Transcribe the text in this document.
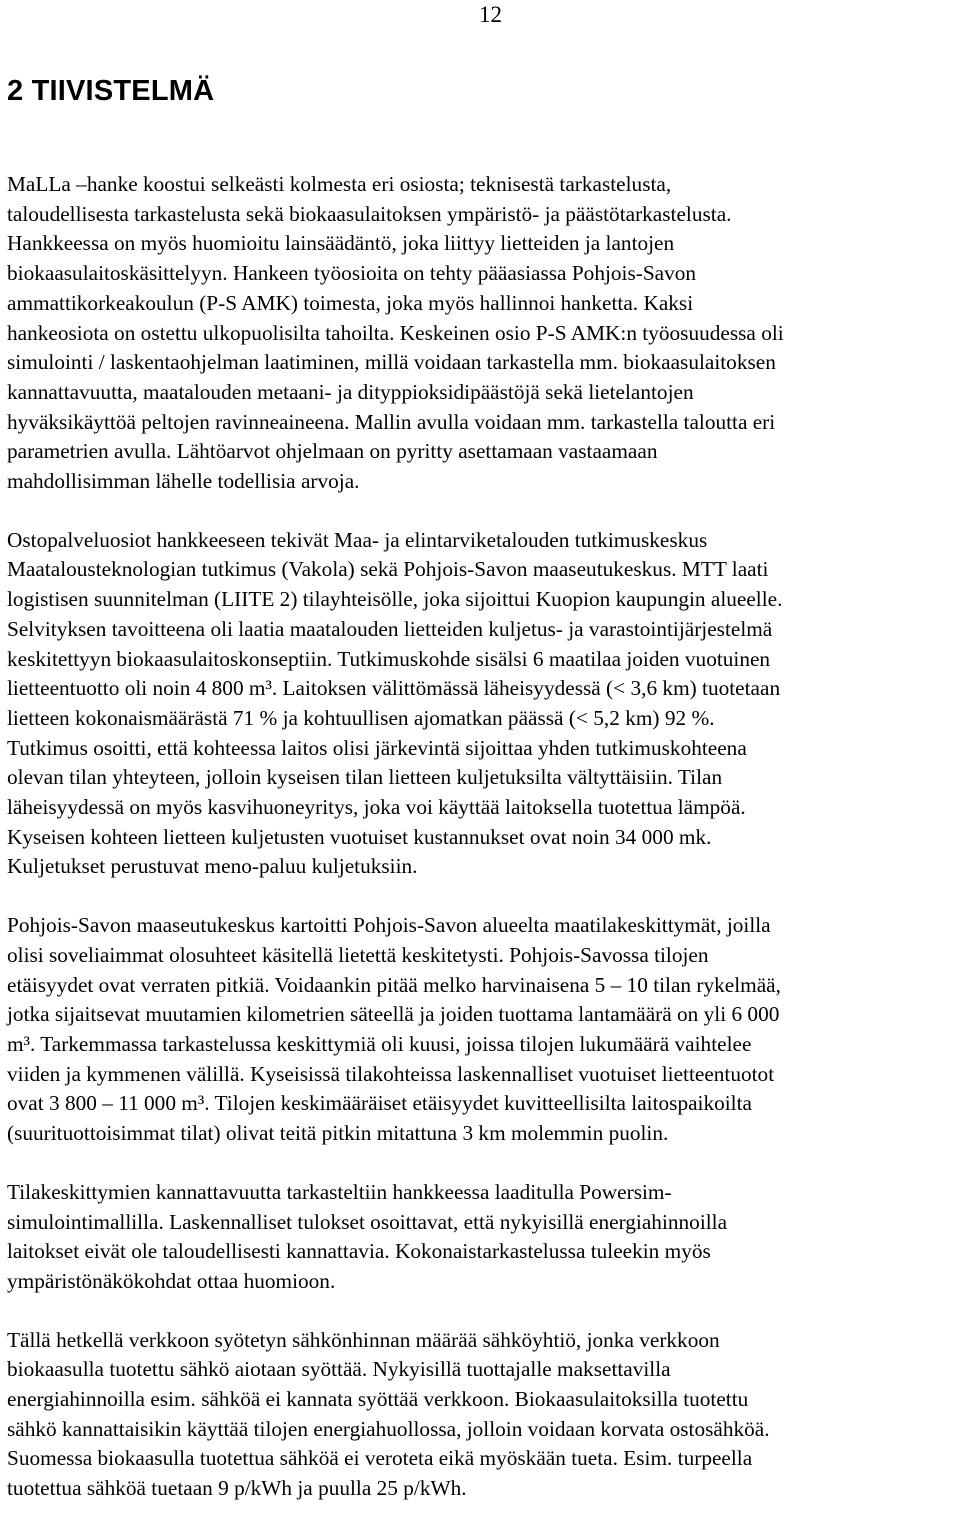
12
2 TIIVISTELMÄ

MaLLa –hanke koostui selkeästi kolmesta eri osiosta; teknisestä tarkastelusta,
taloudellisesta tarkastelusta sekä biokaasulaitoksen ympäristö- ja päästötarkastelusta.
Hankkeessa on myös huomioitu lainsäädäntö, joka liittyy lietteiden ja lantojen
biokaasulaitoskäsittelyyn. Hankeen työosioita on tehty pääasiassa Pohjois-Savon
ammattikorkeakoulun (P-S AMK) toimesta, joka myös hallinnoi hanketta. Kaksi
hankeosiota on ostettu ulkopuolisilta tahoilta. Keskeinen osio P-S AMK:n työosuudessa oli
simulointi / laskentaohjelman laatiminen, millä voidaan tarkastella mm. biokaasulaitoksen
kannattavuutta, maatalouden metaani- ja dityppioksidipäästöjä sekä lietelantojen
hyväksikäyttöä peltojen ravinneaineena. Mallin avulla voidaan mm. tarkastella taloutta eri
parametrien avulla. Lähtöarvot ohjelmaan on pyritty asettamaan vastaamaan
mahdollisimman lähelle todellisia arvoja.

Ostopalveluosiot hankkeeseen tekivät Maa- ja elintarviketalouden tutkimuskeskus
Maatalousteknologian tutkimus (Vakola) sekä Pohjois-Savon maaseutukeskus. MTT laati
logistisen suunnitelman (LIITE 2) tilayhteisölle, joka sijoittui Kuopion kaupungin alueelle.
Selvityksen tavoitteena oli laatia maatalouden lietteiden kuljetus- ja varastointijärjestelmä
keskitettyyn biokaasulaitoskonseptiin. Tutkimuskohde sisälsi 6 maatilaa joiden vuotuinen
lietteentuotto oli noin 4 800 m³. Laitoksen välittömässä läheisyydessä (< 3,6 km) tuotetaan
lietteen kokonaismäärästä 71 % ja kohtuullisen ajomatkan päässä (< 5,2 km) 92 %.
Tutkimus osoitti, että kohteessa laitos olisi järkevintä sijoittaa yhden tutkimuskohteena
olevan tilan yhteyteen, jolloin kyseisen tilan lietteen kuljetuksilta vältyttäisiin. Tilan
läheisyydessä on myös kasvihuoneyritys, joka voi käyttää laitoksella tuotettua lämpöä.
Kyseisen kohteen lietteen kuljetusten vuotuiset kustannukset ovat noin 34 000 mk.
Kuljetukset perustuvat meno-paluu kuljetuksiin.

Pohjois-Savon maaseutukeskus kartoitti Pohjois-Savon alueelta maatilakeskittymät, joilla
olisi soveliaimmat olosuhteet käsitellä lietettä keskitetysti. Pohjois-Savossa tilojen
etäisyydet ovat verraten pitkiä. Voidaankin pitää melko harvinaisena 5 – 10 tilan rykelmää,
jotka sijaitsevat muutamien kilometrien säteellä ja joiden tuottama lantamäärä on yli 6 000
m³. Tarkemmassa tarkastelussa keskittymiä oli kuusi, joissa tilojen lukumäärä vaihtelee
viiden ja kymmenen välillä. Kyseisissä tilakohteissa laskennalliset vuotuiset lietteentuotot
ovat 3 800 – 11 000 m³. Tilojen keskimääräiset etäisyydet kuvitteellisilta laitospaikoilta
(suurituottoisimmat tilat) olivat teitä pitkin mitattuna 3 km molemmin puolin.

Tilakeskittymien kannattavuutta tarkasteltiin hankkeessa laaditulla Powersim-
simulointimallilla. Laskennalliset tulokset osoittavat, että nykyisillä energiahinnoilla
laitokset eivät ole taloudellisesti kannattavia. Kokonaistarkastelussa tuleekin myös
ympäristönäkökohdat ottaa huomioon.

Tällä hetkellä verkkoon syötetyn sähkönhinnan määrää sähköyhtiö, jonka verkkoon
biokaasulla tuotettu sähkö aiotaan syöttää. Nykyisillä tuottajalle maksettavilla
energiahinnoilla esim. sähköä ei kannata syöttää verkkoon. Biokaasulaitoksilla tuotettu
sähkö kannattaisikin käyttää tilojen energiahuollossa, jolloin voidaan korvata ostosähköä.
Suomessa biokaasulla tuotettua sähköä ei veroteta eikä myöskään tueta. Esim. turpeella
tuotettua sähköä tuetaan 9 p/kWh ja puulla 25 p/kWh.
